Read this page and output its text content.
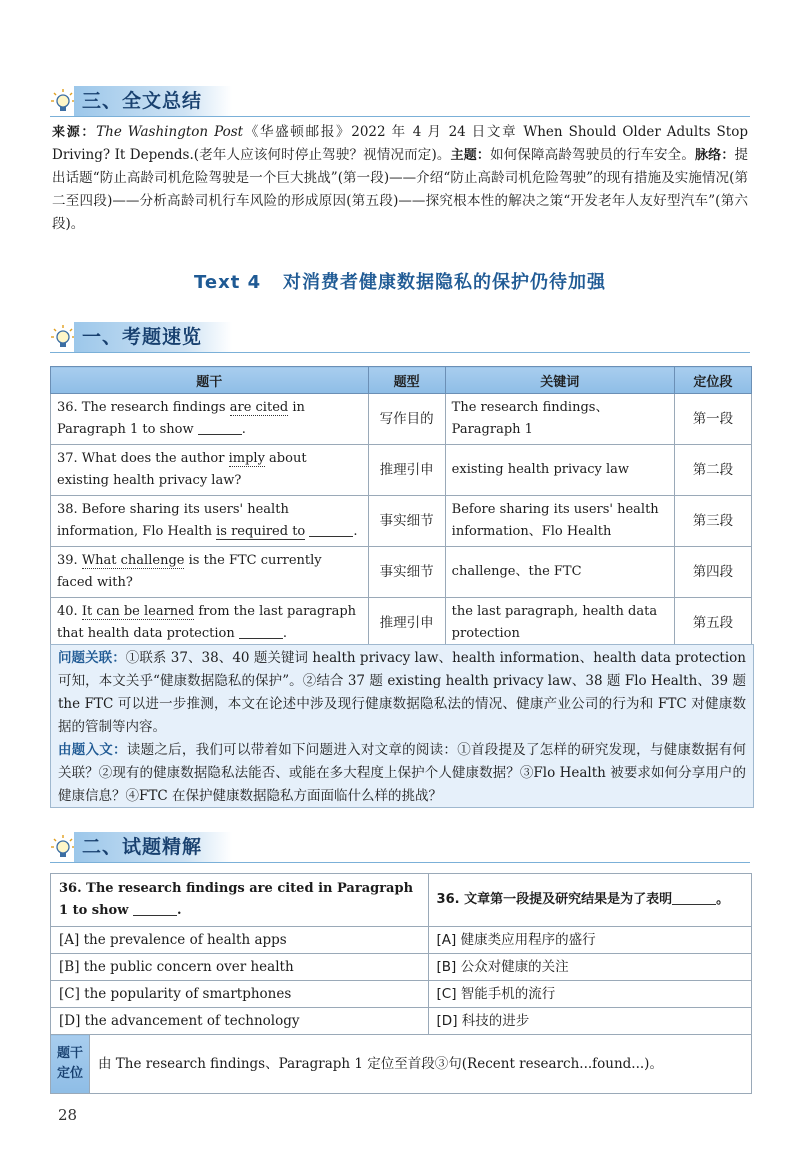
三、全文总结
来源：The Washington Post《华盛顿邮报》2022 年 4 月 24 日文章 When Should Older Adults Stop Driving? It Depends.(老年人应该何时停止驾驶？视情况而定)。主题：如何保障高龄驾驶员的行车安全。脉络：提出话题“防止高龄司机危险驾驶是一个巨大挑战”(第一段)——介绍“防止高龄司机危险驾驶”的现有措施及实施情况(第二至四段)——分析高龄司机行车风险的形成原因(第五段)——探究根本性的解决之策“开发老年人友好型汽车”(第六段)。
Text 4 对消费者健康数据隐私的保护仍待加强
一、考题速览
题干	题型	关键词	定位段
36. The research findings are cited in Paragraph 1 to show .	写作目的	The research findings、Paragraph 1	第一段
37. What does the author imply about existing health privacy law?	推理引申	existing health privacy law	第二段
38. Before sharing its users' health information, Flo Health is required to .	事实细节	Before sharing its users' health information、Flo Health	第三段
39. What challenge is the FTC currently faced with?	事实细节	challenge、the FTC	第四段
40. It can be learned from the last paragraph that health data protection .	推理引申	the last paragraph, health data protection	第五段
问题关联：①联系 37、38、40 题关键词 health privacy law、health information、health data protection 可知，本文关乎“健康数据隐私的保护”。②结合 37 题 existing health privacy law、38 题 Flo Health、39 题 the FTC 可以进一步推测，本文在论述中涉及现行健康数据隐私法的情况、健康产业公司的行为和 FTC 对健康数据的管制等内容。
由题入文：读题之后，我们可以带着如下问题进入对文章的阅读：①首段提及了怎样的研究发现，与健康数据有何关联？②现有的健康数据隐私法能否、或能在多大程度上保护个人健康数据？③Flo Health 被要求如何分享用户的健康信息？④FTC 在保护健康数据隐私方面面临什么样的挑战？
二、试题精解
36. The research findings are cited in Paragraph 1 to show .		36. 文章第一段提及研究结果是为了表明 。
[A] the prevalence of health apps		[A] 健康类应用程序的盛行
[B] the public concern over health		[B] 公众对健康的关注
[C] the popularity of smartphones		[C] 智能手机的流行
[D] the advancement of technology		[D] 科技的进步
题干
定位	由 The research findings、Paragraph 1 定位至首段③句(Recent research...found...)。	
28
